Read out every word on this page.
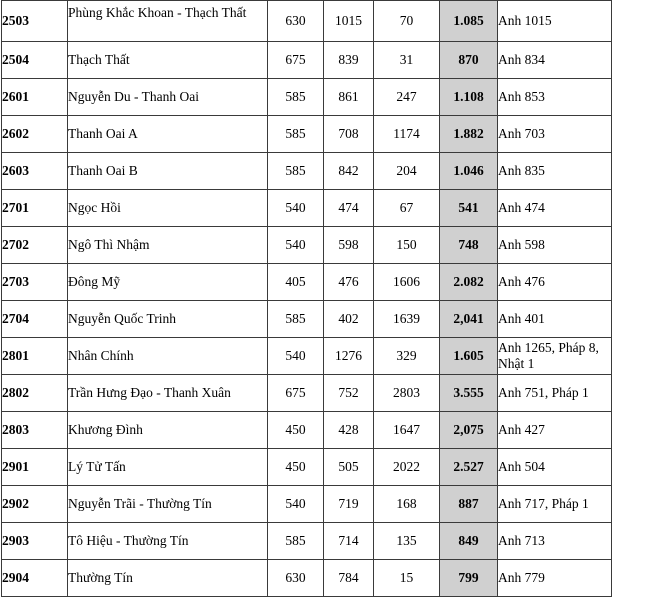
2503	Phùng Khắc Khoan - Thạch Thất	630	1015	70	1.085	Anh 1015
2504	Thạch Thất	675	839	31	870	Anh 834
2601	Nguyễn Du - Thanh Oai	585	861	247	1.108	Anh 853
2602	Thanh Oai A	585	708	1174	1.882	Anh 703
2603	Thanh Oai B	585	842	204	1.046	Anh 835
2701	Ngọc Hồi	540	474	67	541	Anh 474
2702	Ngô Thì Nhậm	540	598	150	748	Anh 598
2703	Đông Mỹ	405	476	1606	2.082	Anh 476
2704	Nguyễn Quốc Trinh	585	402	1639	2,041	Anh 401
2801	Nhân Chính	540	1276	329	1.605	Anh 1265, Pháp 8, Nhật 1
2802	Trần Hưng Đạo - Thanh Xuân	675	752	2803	3.555	Anh 751, Pháp 1
2803	Khương Đình	450	428	1647	2,075	Anh 427
2901	Lý Tử Tấn	450	505	2022	2.527	Anh 504
2902	Nguyễn Trãi - Thường Tín	540	719	168	887	Anh 717, Pháp 1
2903	Tô Hiệu - Thường Tín	585	714	135	849	Anh 713
2904	Thường Tín	630	784	15	799	Anh 779
